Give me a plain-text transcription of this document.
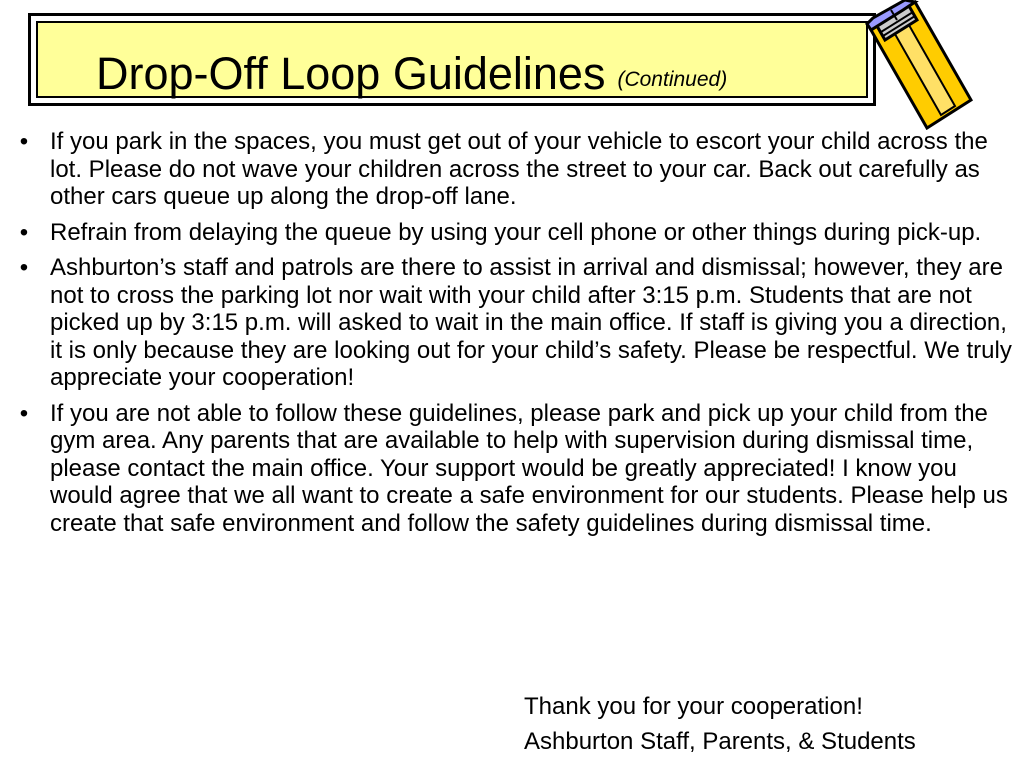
Drop-Off Loop Guidelines (Continued)
• If you park in the spaces, you must get out of your vehicle to escort your child across the lot. Please do not wave your children across the street to your car. Back out carefully as other cars queue up along the drop-off lane.
• Refrain from delaying the queue by using your cell phone or other things during pick-up.
• Ashburton’s staff and patrols are there to assist in arrival and dismissal; however, they are not to cross the parking lot nor wait with your child after 3:15 p.m. Students that are not picked up by 3:15 p.m. will asked to wait in the main office. If staff is giving you a direction, it is only because they are looking out for your child’s safety. Please be respectful. We truly appreciate your cooperation!
• If you are not able to follow these guidelines, please park and pick up your child from the gym area. Any parents that are available to help with supervision during dismissal time, please contact the main office. Your support would be greatly appreciated! I know you would agree that we all want to create a safe environment for our students. Please help us create that safe environment and follow the safety guidelines during dismissal time.
Thank you for your cooperation!
Ashburton Staff, Parents, & Students
